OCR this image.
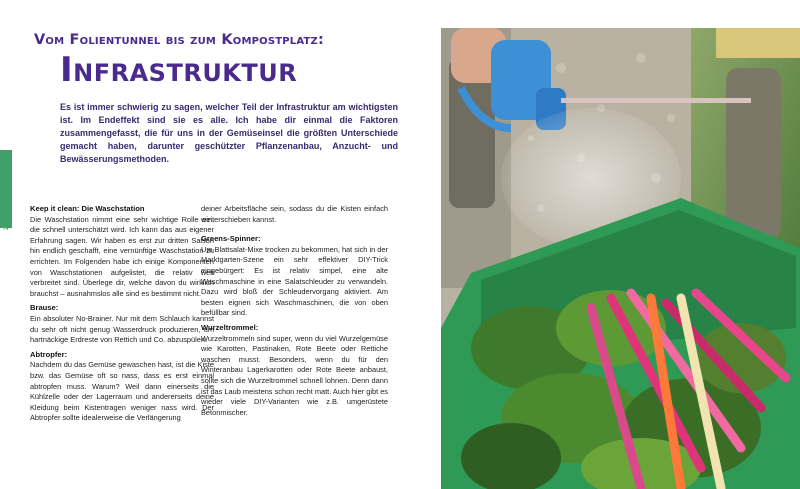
2 - Infrastruktur - 14
Vom Folientunnel bis zum Kompostplatz:
Infrastruktur
Es ist immer schwierig zu sagen, welcher Teil der Infrastruktur am wichtigsten ist. Im Endeffekt sind sie es alle. Ich habe dir einmal die Faktoren zusammengefasst, die für uns in der Gemüseinsel die größten Unterschiede gemacht haben, darunter geschützter Pflanzenanbau, Anzucht- und Bewässerungsmethoden.
Keep it clean: Die Waschstation

Die Waschstation nimmt eine sehr wichtige Rolle ein, die schnell unterschätzt wird. Ich kann das aus eigener Erfahrung sagen. Wir haben es erst zur dritten Saison hin endlich geschafft, eine vernünftige Waschstation zu errichten. Im Folgenden habe ich einige Komponenten von Waschstationen aufgelistet, die relativ weit verbreitet sind. Überlege dir, welche davon du wirklich brauchst – ausnahmslos alle sind es bestimmt nicht.

Brause:

Ein absoluter No-Brainer. Nur mit dem Schlauch kannst du sehr oft nicht genug Wasserdruck produzieren, um hartnäckige Erdreste von Rettich und Co. abzuspülen.

Abtropfer:

Nachdem du das Gemüse gewaschen hast, ist die Kiste bzw. das Gemüse oft so nass, dass es erst einmal abtropfen muss. Warum? Weil dann einerseits die Kühlzelle oder der Lagerraum und andererseits deine Kleidung beim Kistentragen weniger nass wird. Der Abtropfer sollte idealerweise die Verlängerung

deiner Arbeitsfläche sein, sodass du die Kisten einfach weiterschieben kannst.

Greens-Spinner:

Um Blattsalat-Mixe trocken zu bekommen, hat sich in der Marktgarten-Szene ein sehr effektiver DIY-Trick eingebürgert: Es ist relativ simpel, eine alte Waschmaschine in eine Salatschleuder zu verwandeln. Dazu wird bloß der Schleudervorgang aktiviert. Am besten eignen sich Waschmaschinen, die von oben befüllbar sind.

Wurzeltrommel:

Wurzeltrommeln sind super, wenn du viel Wurzelgemüse wie Karotten, Pastinaken, Rote Beete oder Rettiche waschen musst. Besonders, wenn du für den Winteranbau Lagerkarotten oder Rote Beete anbaust, sollte sich die Wurzeltrommel schnell lohnen. Denn dann ist das Laub meistens schon recht matt. Auch hier gibt es wieder viele DIY-Varianten wie z.B. umgerüstete Betonmischer.
